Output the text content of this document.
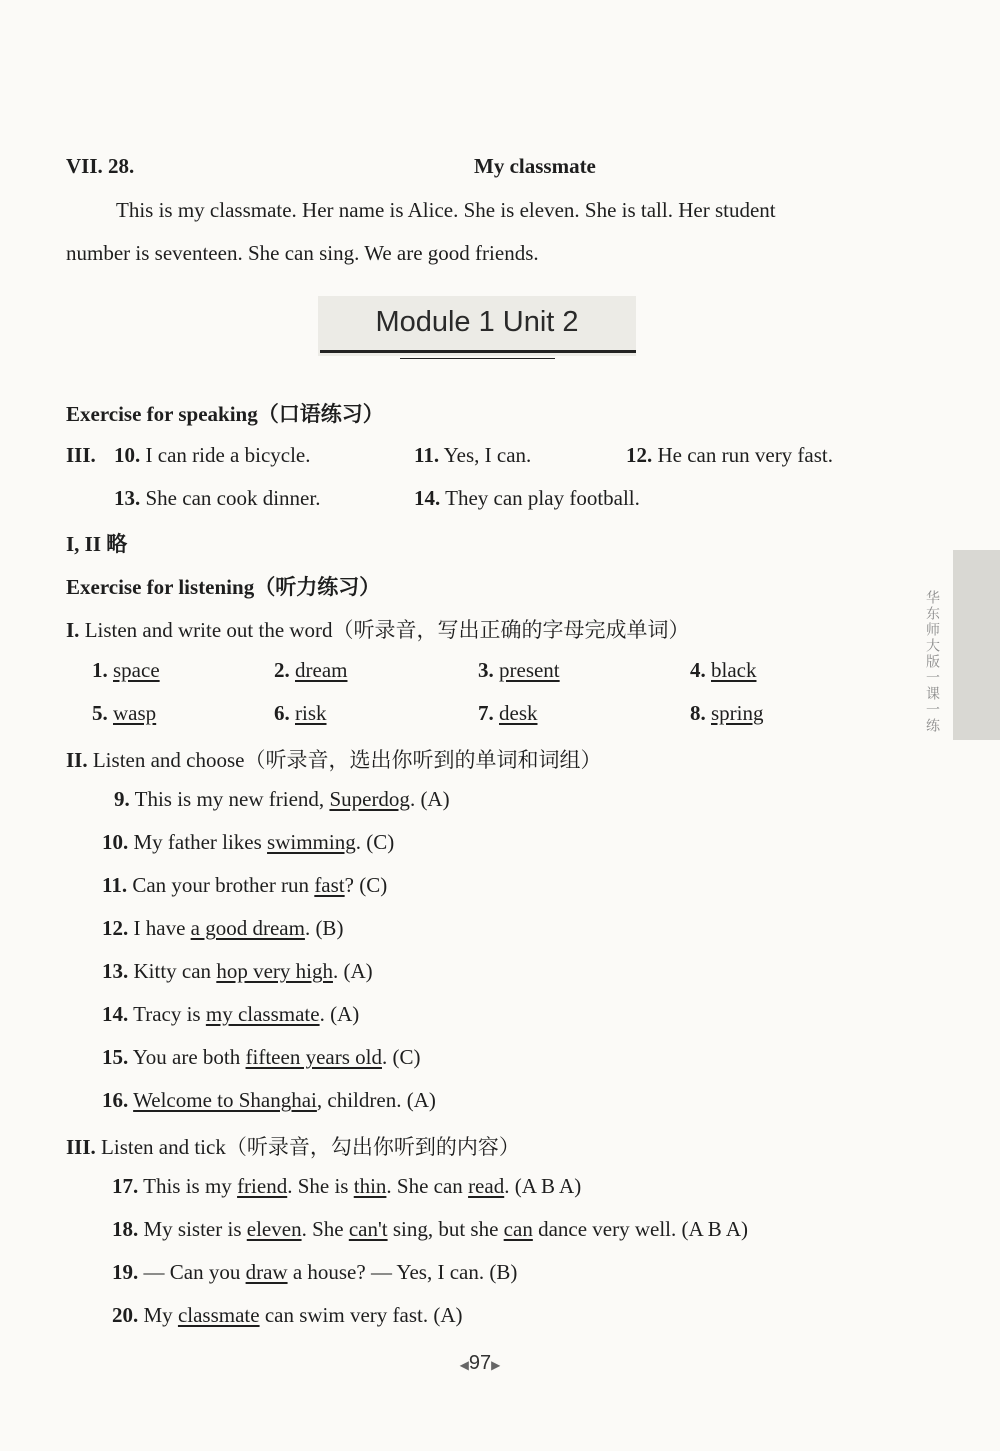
VII. 28.	My classmate
This is my classmate. Her name is Alice. She is eleven. She is tall. Her student
number is seventeen. She can sing. We are good friends.
Module 1 Unit 2
Exercise for speaking（口语练习）
III. 10. I can ride a bicycle.	11. Yes, I can.	12. He can run very fast.
13. She can cook dinner.	14. They can play football.
I, II 略
Exercise for listening（听力练习）
I. Listen and write out the word（听录音，写出正确的字母完成单词）
1. space	2. dream	3. present	4. black
5. wasp	6. risk	7. desk	8. spring
II. Listen and choose（听录音，选出你听到的单词和词组）
9. This is my new friend, Superdog. (A)
10. My father likes swimming. (C)
11. Can your brother run fast? (C)
12. I have a good dream. (B)
13. Kitty can hop very high. (A)
14. Tracy is my classmate. (A)
15. You are both fifteen years old. (C)
16. Welcome to Shanghai, children. (A)
III. Listen and tick（听录音，勾出你听到的内容）
17. This is my friend. She is thin. She can read. (A B A)
18. My sister is eleven. She can't sing, but she can dance very well. (A B A)
19. — Can you draw a house? — Yes, I can. (B)
20. My classmate can swim very fast. (A)
华东师大版一课一练
◀97▶
